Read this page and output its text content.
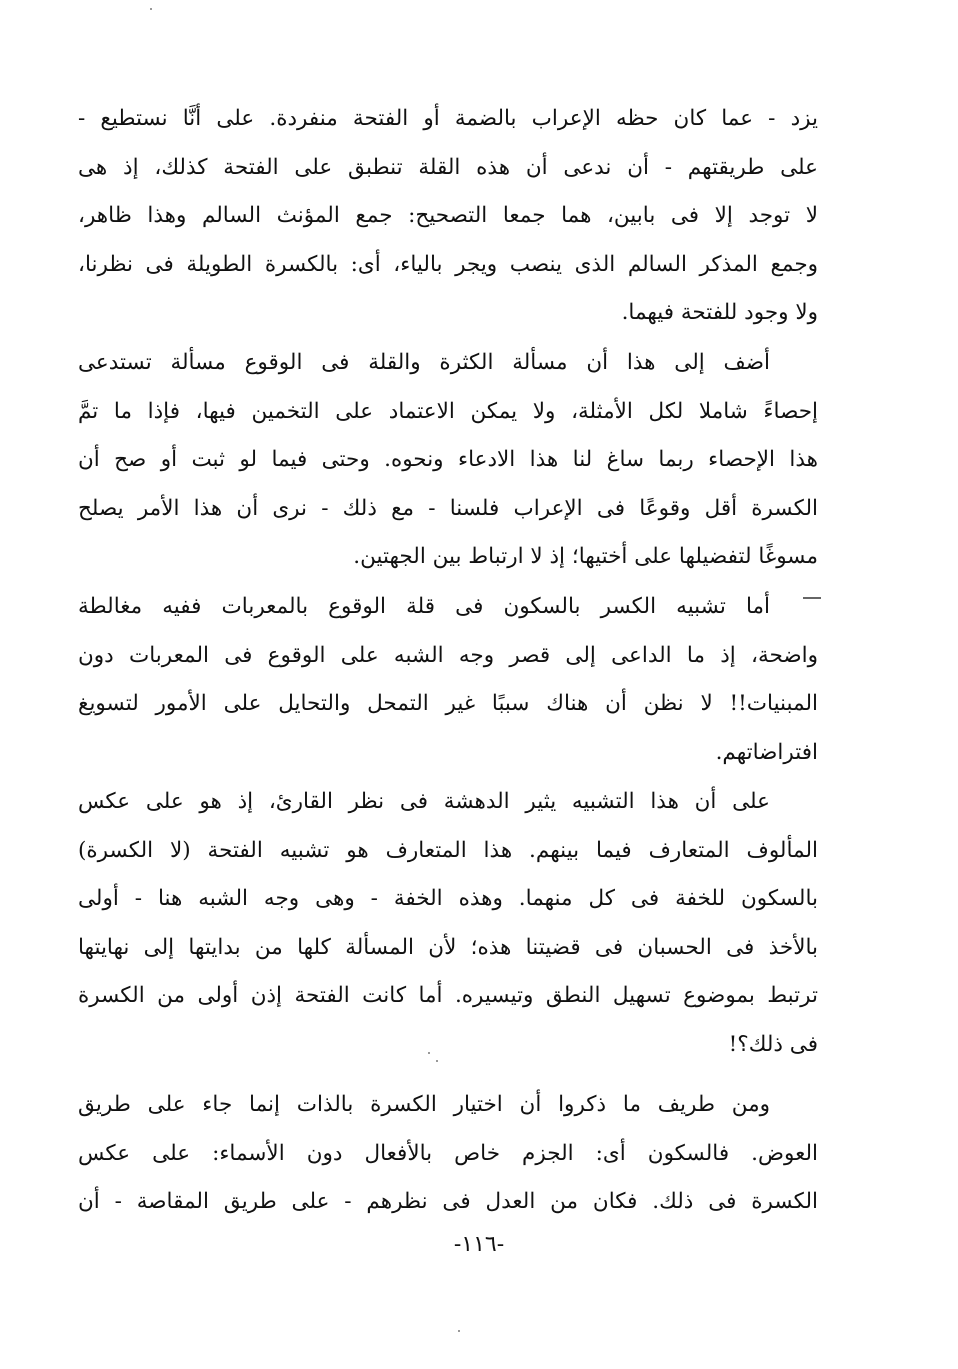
يزد - عما كان حظه الإعراب بالضمة أو الفتحة منفردة. على أنَّا نستطيع -
على طريقتهم - أن ندعى أن هذه القلة تنطبق على الفتحة كذلك، إذ هى
لا توجد إلا فى بابين، هما جمعا التصحيح: جمع المؤنث السالم وهذا ظاهر،
وجمع المذكر السالم الذى ينصب ويجر بالياء، أى: بالكسرة الطويلة فى نظرنا،
ولا وجود للفتحة فيهما.
أضف إلى هذا أن مسألة الكثرة والقلة فى الوقوع مسألة تستدعى
إحصاءً شاملا لكل الأمثلة، ولا يمكن الاعتماد على التخمين فيها، فإذا ما تمَّ
هذا الإحصاء ربما ساغ لنا هذا الادعاء ونحوه. وحتى فيما لو ثبت أو صح أن
الكسرة أقل وقوعًا فى الإعراب فلسنا - مع ذلك - نرى أن هذا الأمر يصلح
مسوغًا لتفضيلها على أختيها؛ إذ لا ارتباط بين الجهتين.
أما تشبيه الكسر بالسكون فى قلة الوقوع بالمعربات ففيه مغالطة
واضحة، إذ ما الداعى إلى قصر وجه الشبه على الوقوع فى المعربات دون
المبنيات!! لا نظن أن هناك سببًا غير التمحل والتحايل على الأمور لتسويغ
افتراضاتهم.
على أن هذا التشبيه يثير الدهشة فى نظر القارئ، إذ هو على عكس
المألوف المتعارف فيما بينهم. هذا المتعارف هو تشبيه الفتحة (لا الكسرة)
بالسكون للخفة فى كل منهما. وهذه الخفة - وهى وجه الشبه هنا - أولى
بالأخذ فى الحسبان فى قضيتنا هذه؛ لأن المسألة كلها من بدايتها إلى نهايتها
ترتبط بموضوع تسهيل النطق وتيسيره. أما كانت الفتحة إذن أولى من الكسرة
فى ذلك؟!
ومن طريف ما ذكروا أن اختيار الكسرة بالذات إنما جاء على طريق
العوض. فالسكون أى: الجزم خاص بالأفعال دون الأسماء: على عكس
الكسرة فى ذلك. فكان من العدل فى نظرهم - على طريق المقاصة - أن
-١١٦-
